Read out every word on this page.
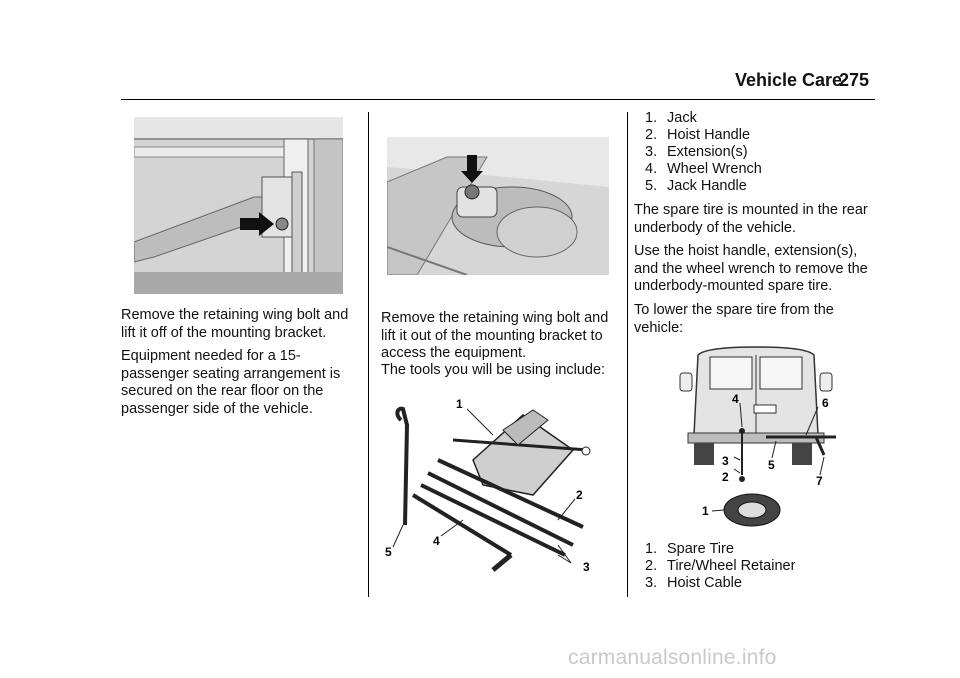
Vehicle Care
275

Remove the retaining wing bolt and lift it off of the mounting bracket.

Equipment needed for a 15-passenger seating arrangement is secured on the rear floor on the passenger side of the vehicle.

Remove the retaining wing bolt and lift it out of the mounting bracket to access the equipment.

The tools you will be using include:

1
2
3
4
5
1. Jack
2. Hoist Handle
3. Extension(s)
4. Wheel Wrench
5. Jack Handle

The spare tire is mounted in the rear underbody of the vehicle.

Use the hoist handle, extension(s), and the wheel wrench to remove the underbody-mounted spare tire.

To lower the spare tire from the vehicle:

1
2
3
4
5
6
7
1. Spare Tire
2. Tire/Wheel Retainer
3. Hoist Cable
carmanualsonline.info
